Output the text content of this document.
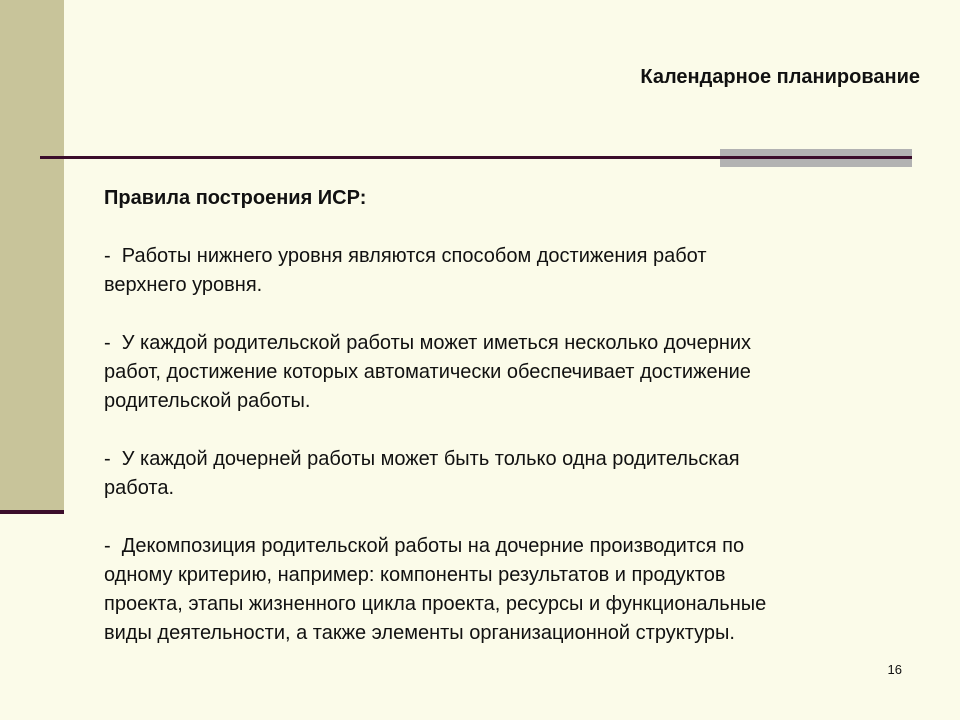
Календарное планирование
Правила построения ИСР:
-  Работы нижнего уровня являются способом достижения работ
верхнего уровня.
-  У каждой родительской работы может иметься несколько дочерних
работ, достижение которых автоматически обеспечивает достижение
родительской работы.
-  У каждой дочерней работы может быть только одна родительская
работа.
-  Декомпозиция родительской работы на дочерние производится по
одному критерию, например: компоненты результатов и продуктов
проекта, этапы жизненного цикла проекта, ресурсы и функциональные
виды деятельности, а также элементы организационной структуры.
16
